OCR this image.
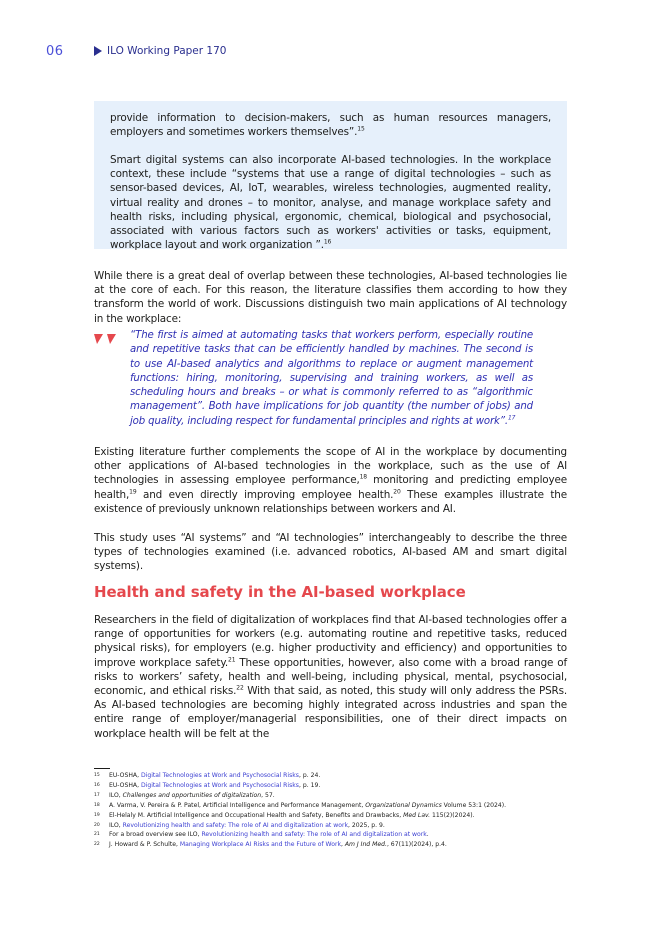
06	ILO Working Paper 170

provide information to decision-makers, such as human resources managers, employers and sometimes workers themselves”.$^{15}$

Smart digital systems can also incorporate AI-based technologies. In the workplace context, these include “systems that use a range of digital technologies – such as sensor-based devices, AI, IoT, wearables, wireless technologies, augmented reality, virtual reality and drones – to monitor, analyse, and manage workplace safety and health risks, including physical, ergonomic, chemical, biological and psychosocial, associated with various factors such as workers' activities or tasks, equipment, workplace layout and work organization ”.$^{16}$

While there is a great deal of overlap between these technologies, AI-based technologies lie at the core of each. For this reason, the literature classifies them according to how they transform the world of work. Discussions distinguish two main applications of AI technology in the workplace:

“The first is aimed at automating tasks that workers perform, especially routine and repetitive tasks that can be efficiently handled by machines. The second is to use AI-based analytics and algorithms to replace or augment management functions: hiring, monitoring, supervising and training workers, as well as scheduling hours and breaks – or what is commonly referred to as “algorithmic management”. Both have implications for job quantity (the number of jobs) and job quality, including respect for fundamental principles and rights at work”.$^{17}$

Existing literature further complements the scope of AI in the workplace by documenting other applications of AI-based technologies in the workplace, such as the use of AI technologies in assessing employee performance,$^{18}$ monitoring and predicting employee health,$^{19}$ and even directly improving employee health.$^{20}$ These examples illustrate the existence of previously unknown relationships between workers and AI.

This study uses “AI systems” and “AI technologies” interchangeably to describe the three types of technologies examined (i.e. advanced robotics, AI-based AM and smart digital systems).

Health and safety in the AI-based workplace

Researchers in the field of digitalization of workplaces find that AI-based technologies offer a range of opportunities for workers (e.g. automating routine and repetitive tasks, reduced physical risks), for employers (e.g. higher productivity and efficiency) and opportunities to improve workplace safety.$^{21}$ These opportunities, however, also come with a broad range of risks to workers’ safety, health and well-being, including physical, mental, psychosocial, economic, and ethical risks.$^{22}$ With that said, as noted, this study will only address the PSRs. As AI-based technologies are becoming highly integrated across industries and span the entire range of employer/managerial responsibilities, one of their direct impacts on workplace health will be felt at the

15	EU-OSHA, Digital Technologies at Work and Psychosocial Risks, p. 24.
16	EU-OSHA, Digital Technologies at Work and Psychosocial Risks, p. 19.
17	ILO, Challenges and opportunities of digitalization, 57.
18	A. Varma, V. Pereira & P. Patel, Artificial Intelligence and Performance Management, Organizational Dynamics Volume 53:1 (2024).
19	El-Helaly M. Artificial Intelligence and Occupational Health and Safety, Benefits and Drawbacks, Med Lav. 115(2)(2024).
20	ILO, Revolutionizing health and safety: The role of AI and digitalization at work, 2025, p. 9.
21	For a broad overview see ILO, Revolutionizing health and safety: The role of AI and digitalization at work.
22	J. Howard & P. Schulte, Managing Workplace AI Risks and the Future of Work, Am J Ind Med., 67(11)(2024), p.4.
